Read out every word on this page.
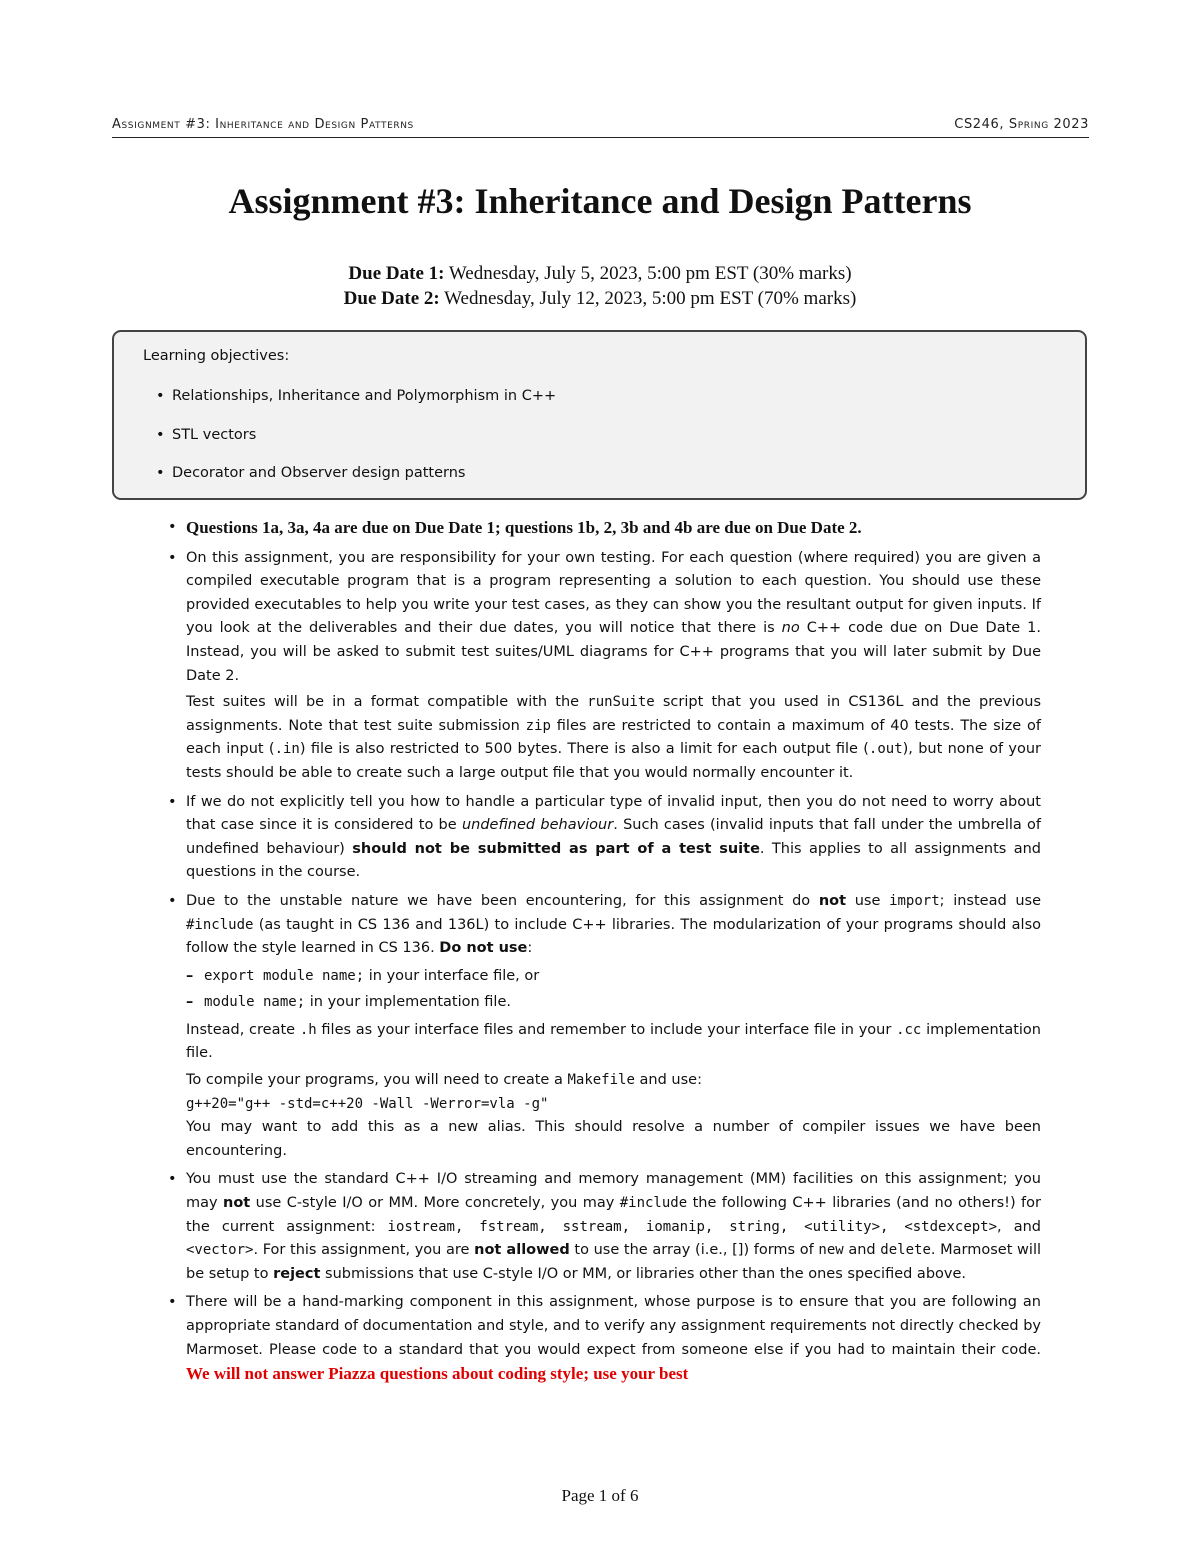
Assignment #3: Inheritance and Design Patterns	CS246, Spring 2023
Assignment #3: Inheritance and Design Patterns
Due Date 1: Wednesday, July 5, 2023, 5:00 pm EST (30% marks)
Due Date 2: Wednesday, July 12, 2023, 5:00 pm EST (70% marks)
Learning objectives:
• Relationships, Inheritance and Polymorphism in C++
• STL vectors
• Decorator and Observer design patterns

• Questions 1a, 3a, 4a are due on Due Date 1; questions 1b, 2, 3b and 4b are due on Due Date 2.

• On this assignment, you are responsibility for your own testing. For each question (where required) you are given a compiled executable program that is a program representing a solution to each question. You should use these provided executables to help you write your test cases, as they can show you the resultant output for given inputs. If you look at the deliverables and their due dates, you will notice that there is no C++ code due on Due Date 1. Instead, you will be asked to submit test suites/UML diagrams for C++ programs that you will later submit by Due Date 2.

Test suites will be in a format compatible with the runSuite script that you used in CS136L and the previous assignments. Note that test suite submission zip files are restricted to contain a maximum of 40 tests. The size of each input (.in) file is also restricted to 500 bytes. There is also a limit for each output file (.out), but none of your tests should be able to create such a large output file that you would normally encounter it.

• If we do not explicitly tell you how to handle a particular type of invalid input, then you do not need to worry about that case since it is considered to be undefined behaviour. Such cases (invalid inputs that fall under the umbrella of undefined behaviour) should not be submitted as part of a test suite. This applies to all assignments and questions in the course.

• Due to the unstable nature we have been encountering, for this assignment do not use import; instead use #include (as taught in CS 136 and 136L) to include C++ libraries. The modularization of your programs should also follow the style learned in CS 136. Do not use:

– export module name; in your interface file, or
– module name; in your implementation file.

Instead, create .h files as your interface files and remember to include your interface file in your .cc implementation file.

To compile your programs, you will need to create a Makefile and use:

g++20="g++ -std=c++20 -Wall -Werror=vla -g"

You may want to add this as a new alias. This should resolve a number of compiler issues we have been encountering.

• You must use the standard C++ I/O streaming and memory management (MM) facilities on this assignment; you may not use C-style I/O or MM. More concretely, you may #include the following C++ libraries (and no others!) for the current assignment: iostream, fstream, sstream, iomanip, string, <utility>, <stdexcept>, and <vector>. For this assignment, you are not allowed to use the array (i.e., []) forms of new and delete. Marmoset will be setup to reject submissions that use C-style I/O or MM, or libraries other than the ones specified above.

• There will be a hand-marking component in this assignment, whose purpose is to ensure that you are following an appropriate standard of documentation and style, and to verify any assignment requirements not directly checked by Marmoset. Please code to a standard that you would expect from someone else if you had to maintain their code. We will not answer Piazza questions about coding style; use your best

Page 1 of 6
